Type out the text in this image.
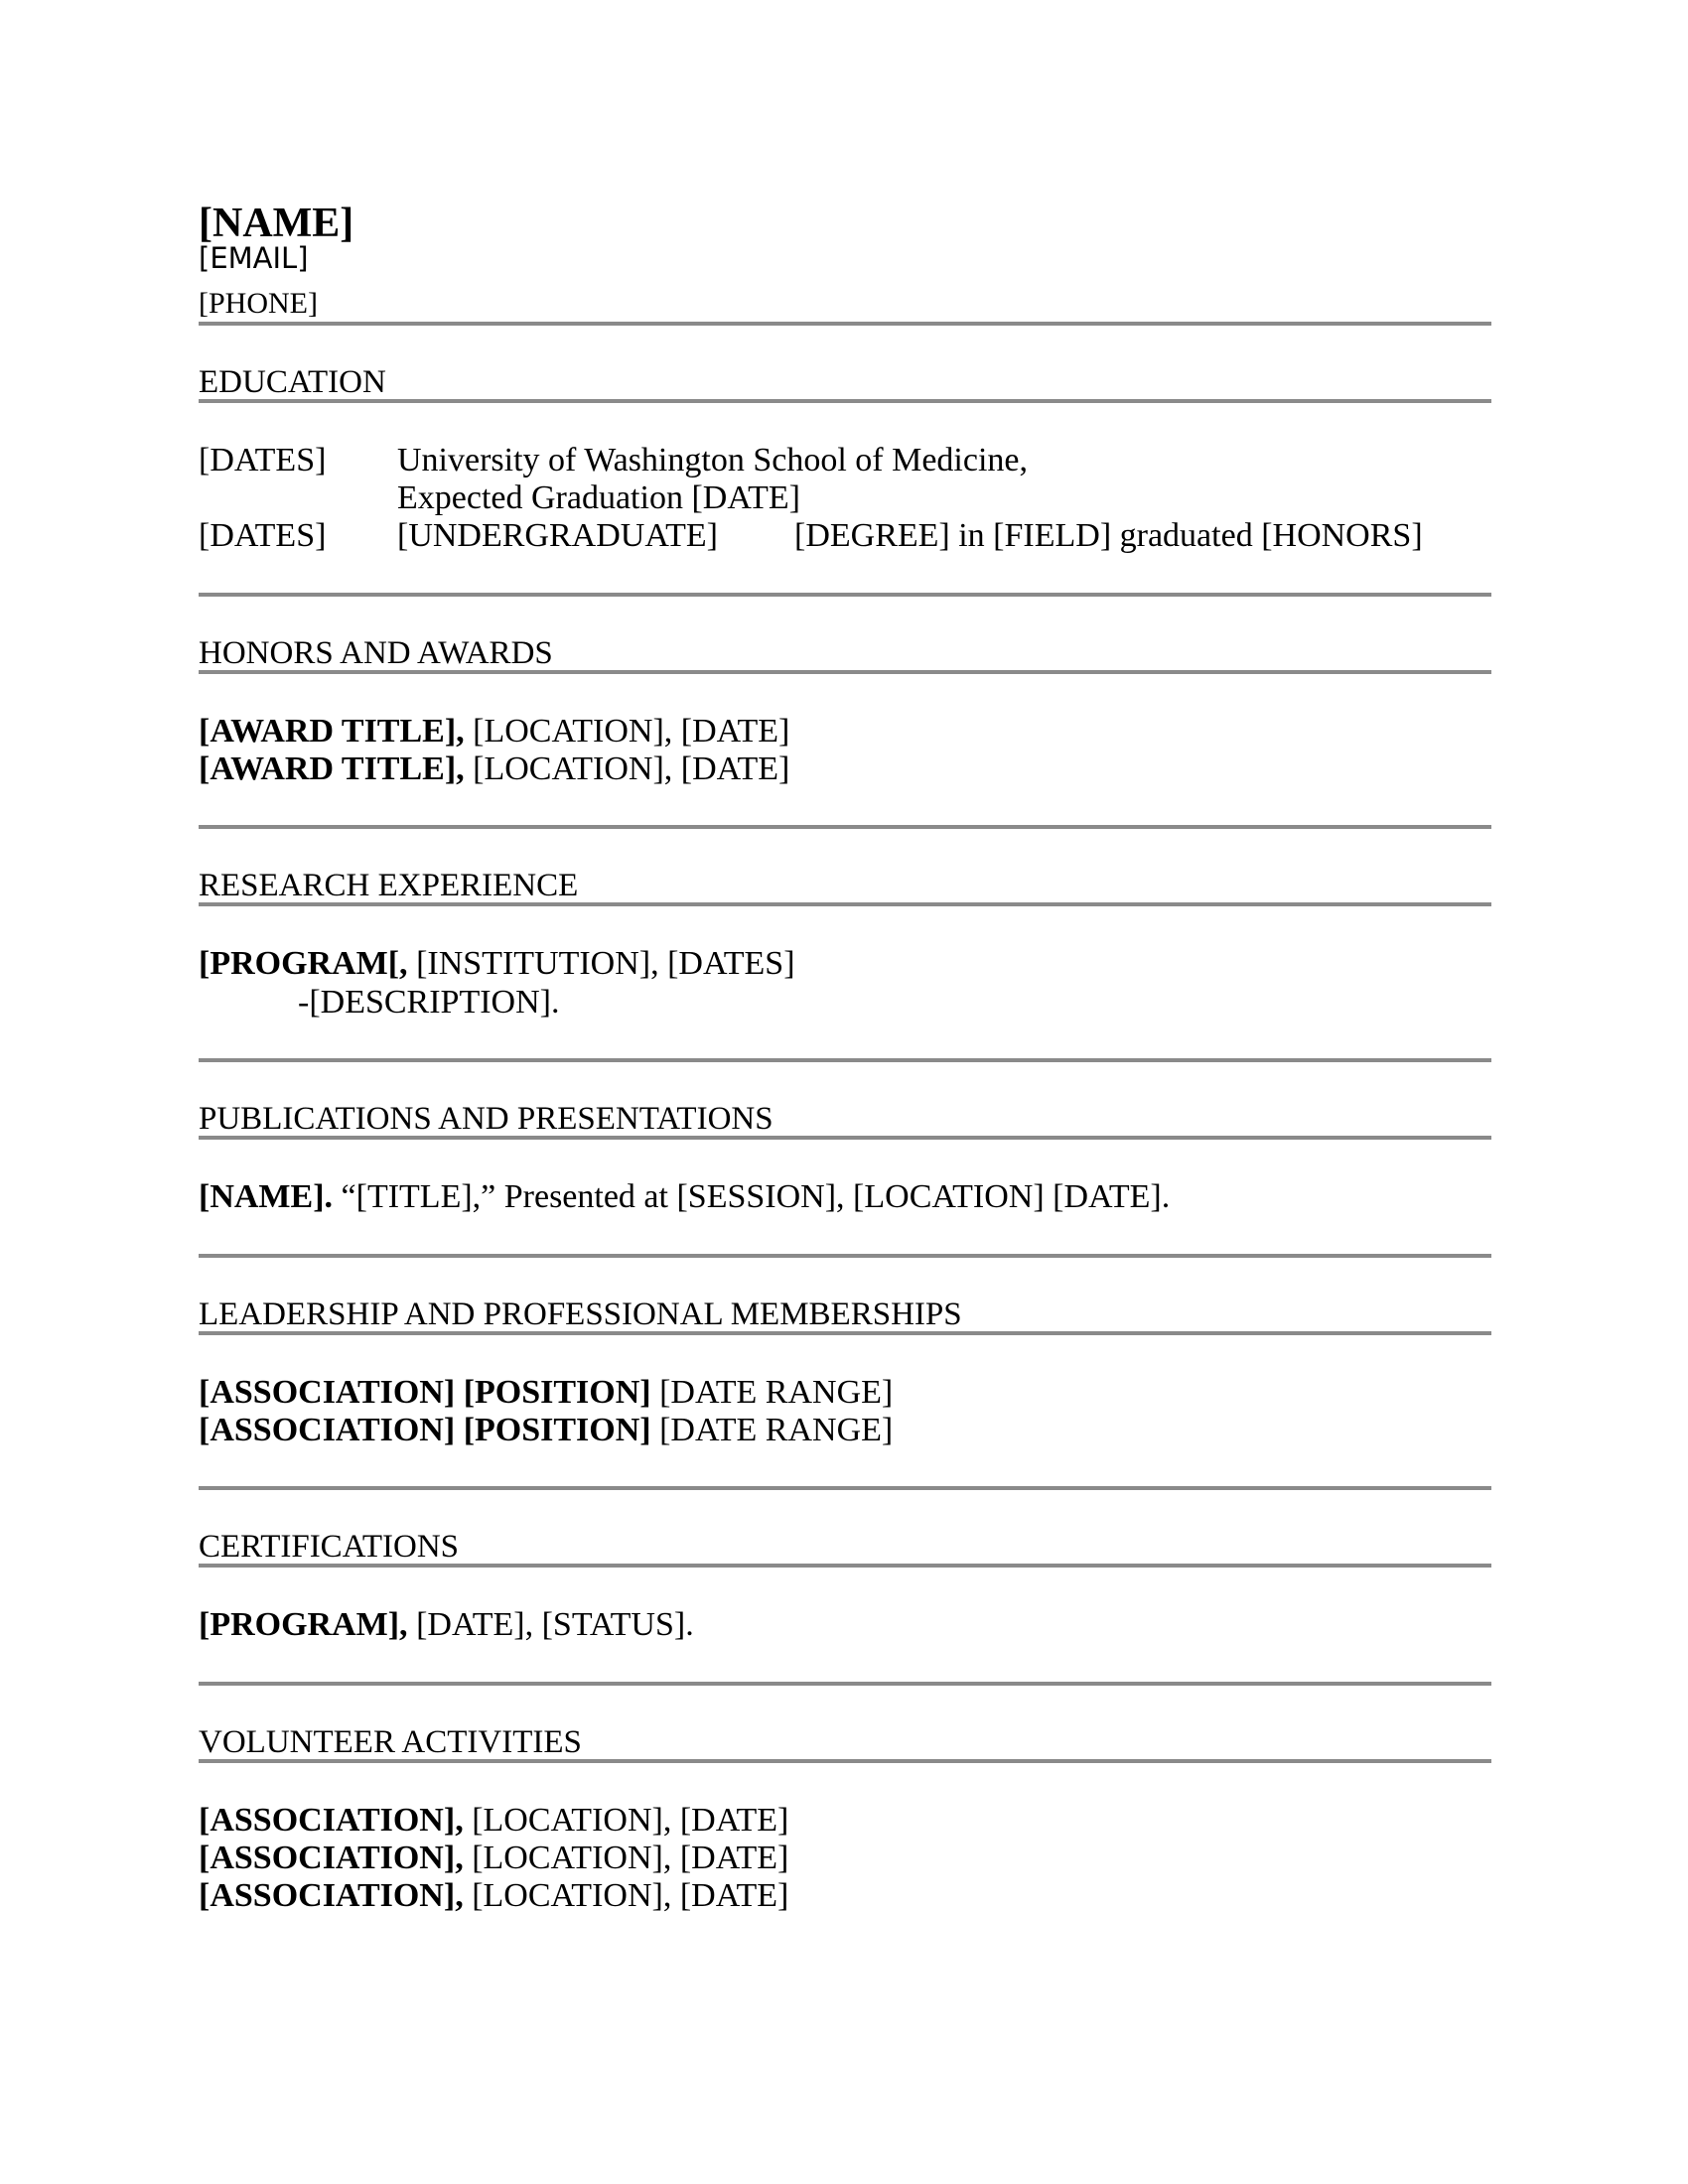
[NAME]
[EMAIL]
[PHONE]
EDUCATION
[DATES] University of Washington School of Medicine,
Expected Graduation [DATE]
[DATES] [UNDERGRADUATE] [DEGREE] in [FIELD] graduated [HONORS]
HONORS AND AWARDS
[AWARD TITLE], [LOCATION], [DATE]
[AWARD TITLE], [LOCATION], [DATE]
RESEARCH EXPERIENCE
[PROGRAM[, [INSTITUTION], [DATES]
-[DESCRIPTION].
PUBLICATIONS AND PRESENTATIONS
[NAME]. “[TITLE],” Presented at [SESSION], [LOCATION] [DATE].
LEADERSHIP AND PROFESSIONAL MEMBERSHIPS
[ASSOCIATION] [POSITION] [DATE RANGE]
[ASSOCIATION] [POSITION] [DATE RANGE]
CERTIFICATIONS
[PROGRAM], [DATE], [STATUS].
VOLUNTEER ACTIVITIES
[ASSOCIATION], [LOCATION], [DATE]
[ASSOCIATION], [LOCATION], [DATE]
[ASSOCIATION], [LOCATION], [DATE]
